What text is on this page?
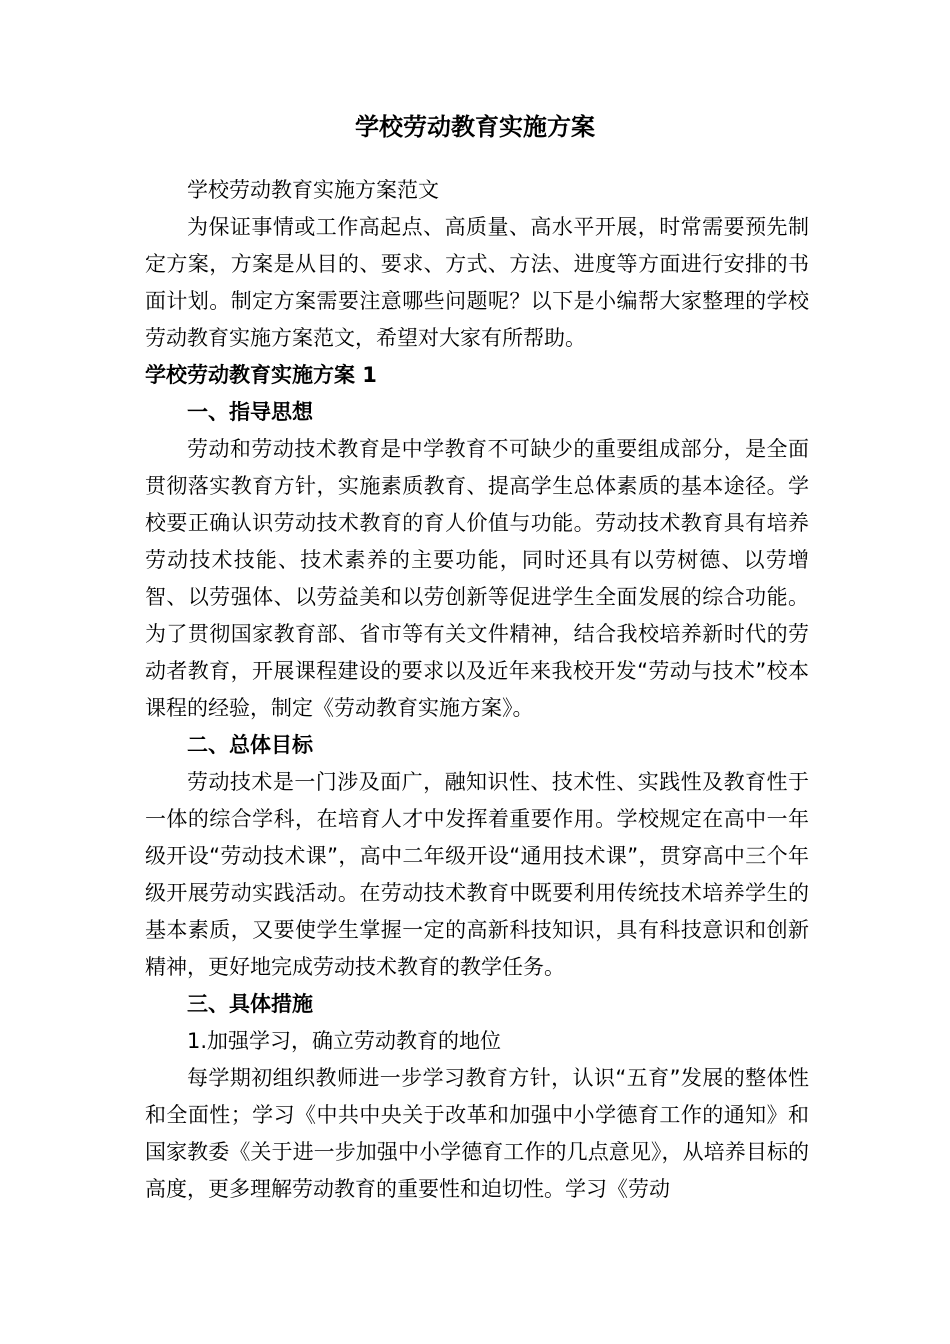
学校劳动教育实施方案

学校劳动教育实施方案范文

为保证事情或工作高起点、高质量、高水平开展，时常需要预先制定方案，方案是从目的、要求、方式、方法、进度等方面进行安排的书面计划。制定方案需要注意哪些问题呢？以下是小编帮大家整理的学校劳动教育实施方案范文，希望对大家有所帮助。

学校劳动教育实施方案 1

一、指导思想

劳动和劳动技术教育是中学教育不可缺少的重要组成部分，是全面贯彻落实教育方针，实施素质教育、提高学生总体素质的基本途径。学校要正确认识劳动技术教育的育人价值与功能。劳动技术教育具有培养劳动技术技能、技术素养的主要功能，同时还具有以劳树德、以劳增智、以劳强体、以劳益美和以劳创新等促进学生全面发展的综合功能。为了贯彻国家教育部、省市等有关文件精神，结合我校培养新时代的劳动者教育，开展课程建设的要求以及近年来我校开发“劳动与技术”校本课程的经验，制定《劳动教育实施方案》。

二、总体目标

劳动技术是一门涉及面广，融知识性、技术性、实践性及教育性于一体的综合学科，在培育人才中发挥着重要作用。学校规定在高中一年级开设“劳动技术课”，高中二年级开设“通用技术课”，贯穿高中三个年级开展劳动实践活动。在劳动技术教育中既要利用传统技术培养学生的基本素质，又要使学生掌握一定的高新科技知识，具有科技意识和创新精神，更好地完成劳动技术教育的教学任务。

三、具体措施

1.加强学习，确立劳动教育的地位

每学期初组织教师进一步学习教育方针，认识“五育”发展的整体性和全面性；学习《中共中央关于改革和加强中小学德育工作的通知》和国家教委《关于进一步加强中小学德育工作的几点意见》，从培养目标的高度，更多理解劳动教育的重要性和迫切性。学习《劳动
